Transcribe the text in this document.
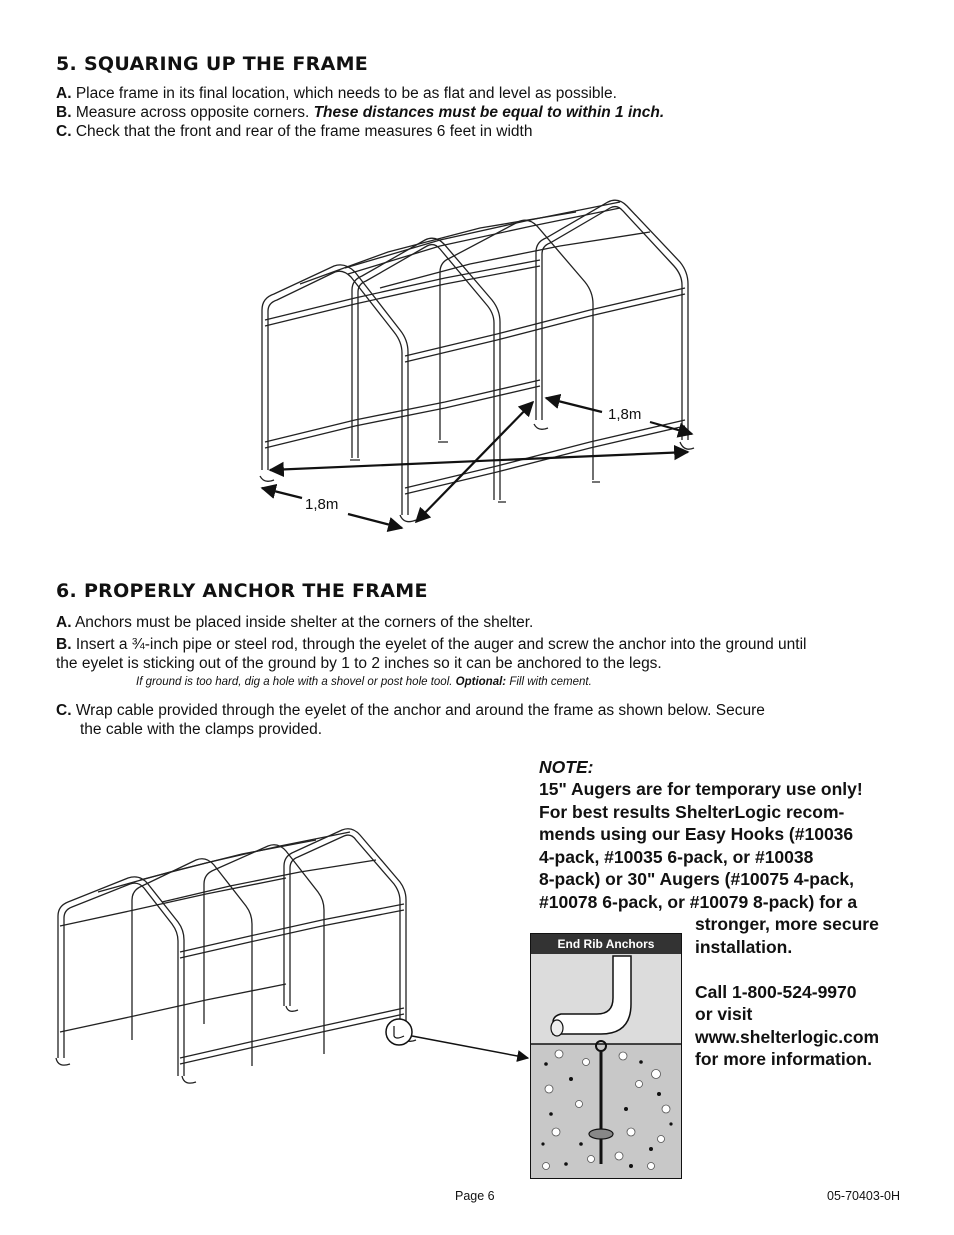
5. SQUARING UP THE FRAME
A. Place frame in its final location, which needs to be as flat and level as possible.
B. Measure across opposite corners. These distances must be equal to within 1 inch.
C. Check that the front and rear of the frame measures 6 feet in width
1,8m
1,8m
6. PROPERLY ANCHOR THE FRAME
A. Anchors must be placed inside shelter at the corners of the shelter.
B. Insert a ¾-inch pipe or steel rod, through the eyelet of the auger and screw the anchor into the ground until
the eyelet is sticking out of the ground by 1 to 2 inches so it can be anchored to the legs.
If ground is too hard, dig a hole with a shovel or post hole tool. Optional: Fill with cement.
C. Wrap cable provided through the eyelet of the anchor and around the frame as shown below. Secure
the cable with the clamps provided.
NOTE:
15" Augers are for temporary use only!
For best results ShelterLogic recom-
mends using our Easy Hooks (#10036
4-pack, #10035 6-pack, or #10038
8-pack) or 30" Augers (#10075 4-pack,
#10078 6-pack, or #10079 8-pack) for a
stronger, more secure
installation.
Call 1-800-524-9970
or visit
www.shelterlogic.com
for more information.
End Rib Anchors
Page 6	05-70403-0H
